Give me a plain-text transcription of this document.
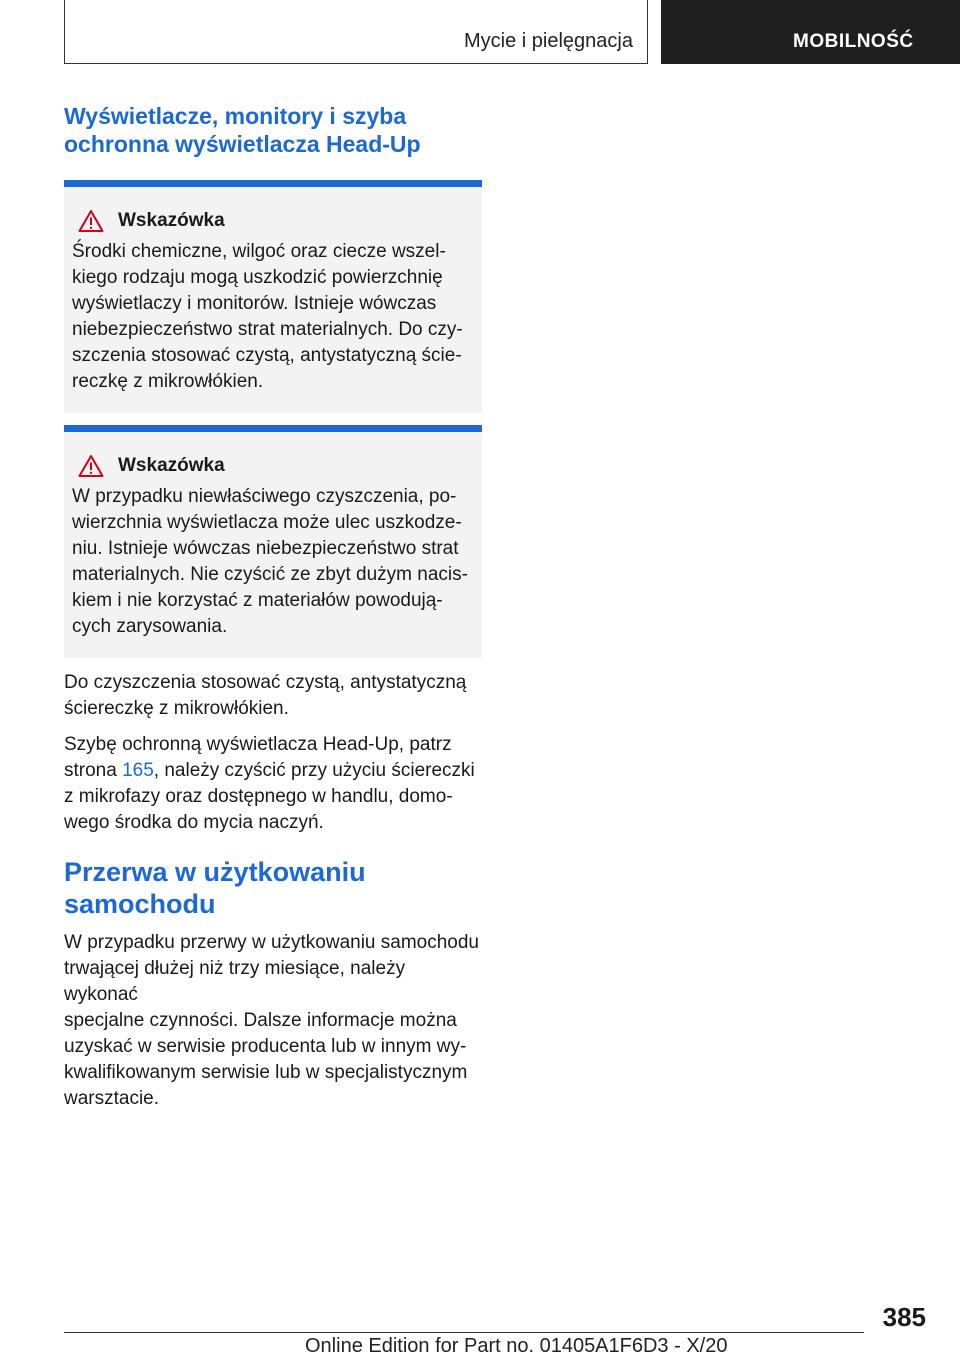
Mycie i pielęgnacja	MOBILNOŚĆ
Wyświetlacze, monitory i szyba ochronna wyświetlacza Head-Up
Wskazówka
Środki chemiczne, wilgoć oraz ciecze wszel‐
kiego rodzaju mogą uszkodzić powierzchnię
wyświetlaczy i monitorów. Istnieje wówczas
niebezpieczeństwo strat materialnych. Do czy‐
szczenia stosować czystą, antystatyczną ście‐
reczkę z mikrowłókien.
Wskazówka
W przypadku niewłaściwego czyszczenia, po‐
wierzchnia wyświetlacza może ulec uszkodze‐
niu. Istnieje wówczas niebezpieczeństwo strat
materialnych. Nie czyścić ze zbyt dużym nacis‐
kiem i nie korzystać z materiałów powodują‐
cych zarysowania.

Do czyszczenia stosować czystą, antystatyczną
ściereczkę z mikrowłókien.

Szybę ochronną wyświetlacza Head-Up, patrz
strona 165, należy czyścić przy użyciu ściereczki
z mikrofazy oraz dostępnego w handlu, domo‐
wego środka do mycia naczyń.

Przerwa w użytkowaniu
samochodu

W przypadku przerwy w użytkowaniu samochodu
trwającej dłużej niż trzy miesiące, należy wykonać
specjalne czynności. Dalsze informacje można
uzyskać w serwisie producenta lub w innym wy‐
kwalifikowanym serwisie lub w specjalistycznym
warsztacie.

385
Online Edition for Part no. 01405A1F6D3 - X/20
